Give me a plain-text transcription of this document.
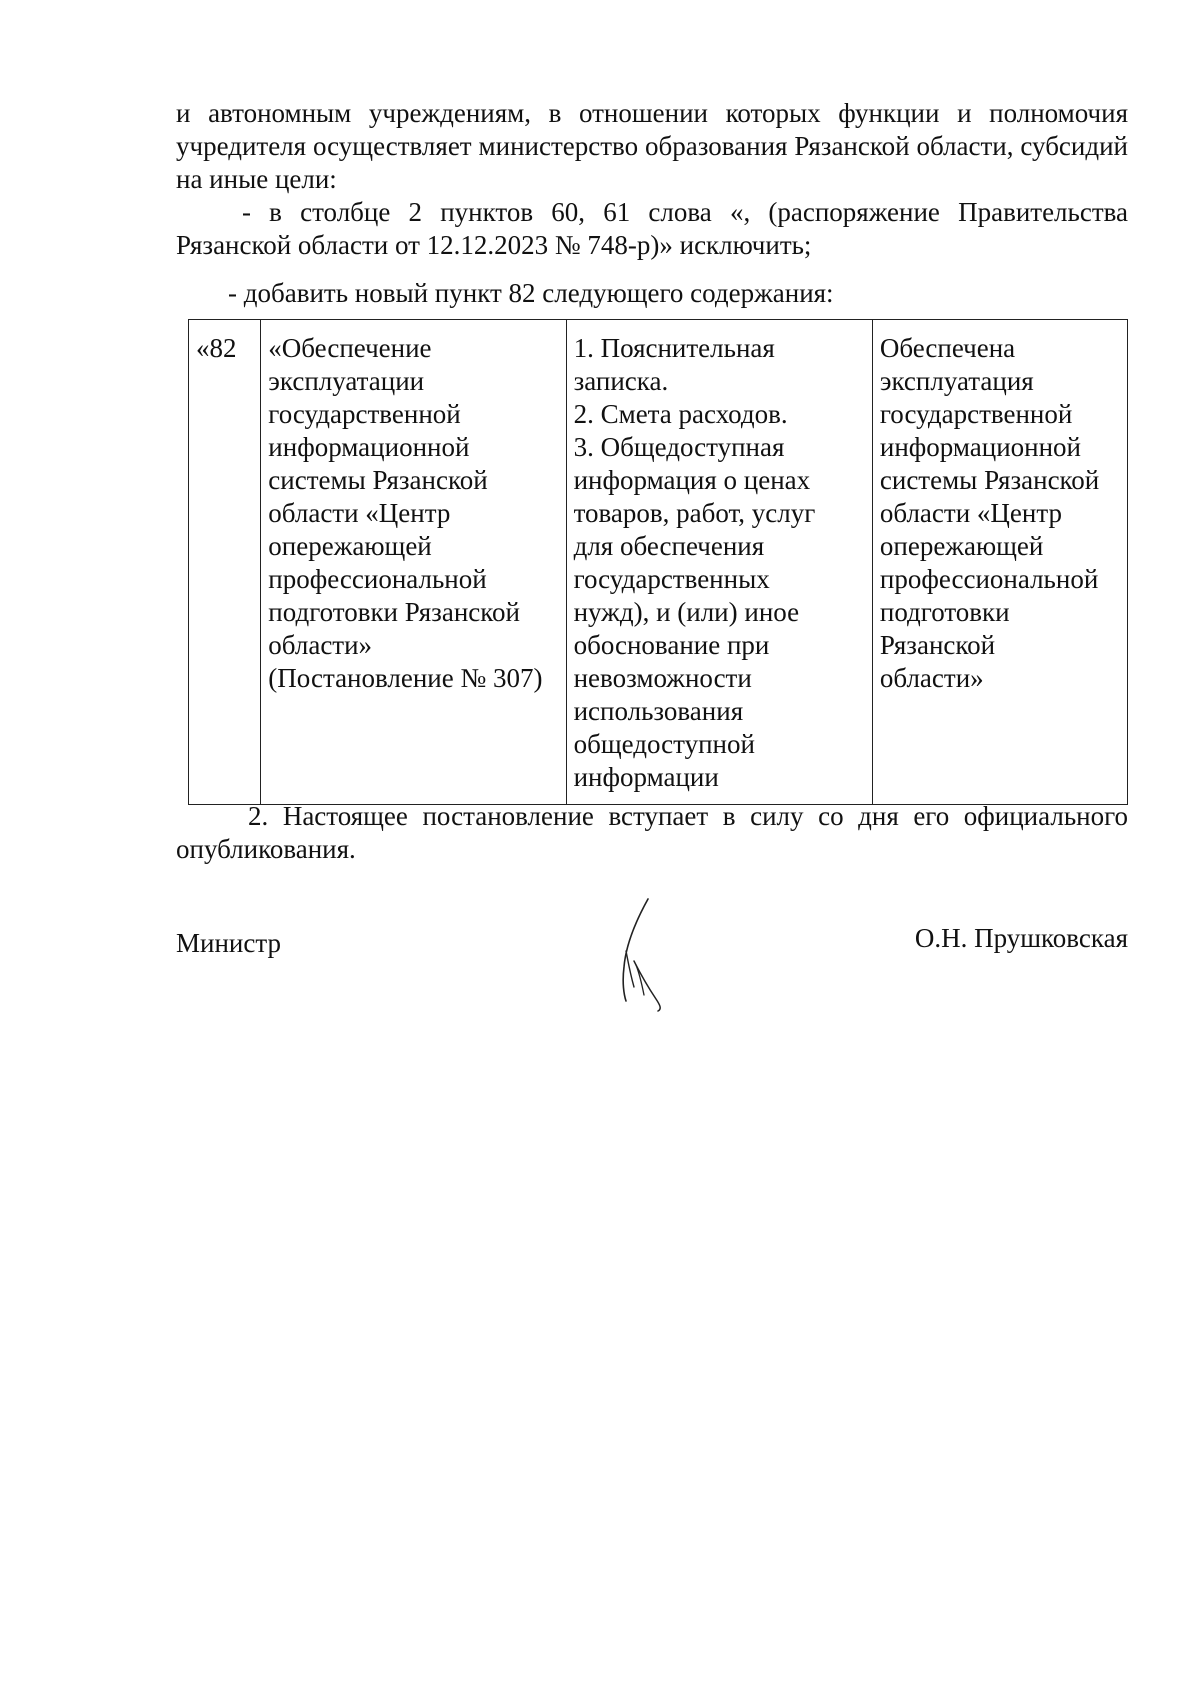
и автономным учреждениям, в отношении которых функции и полномочия учредителя осуществляет министерство образования Рязанской области, субсидий на иные цели:

- в столбце 2 пунктов 60, 61 слова «, (распоряжение Правительства Рязанской области от 12.12.2023 № 748-р)» исключить;

- добавить новый пункт 82 следующего содержания:

«82	«Обеспечение
эксплуатации
государственной
информационной
системы Рязанской
области «Центр
опережающей
профессиональной
подготовки Рязанской
области»
(Постановление № 307)

1. Пояснительная
записка.
2. Смета расходов.
3. Общедоступная
информация о ценах
товаров, работ, услуг
для обеспечения
государственных
нужд), и (или) иное
обоснование при
невозможности
использования
общедоступной
информации

Обеспечена
эксплуатация
государственной
информационной
системы Рязанской
области «Центр
опережающей
профессиональной
подготовки
Рязанской
области»

2. Настоящее постановление вступает в силу со дня его официального опубликования.

Министр	О.Н. Прушковская
